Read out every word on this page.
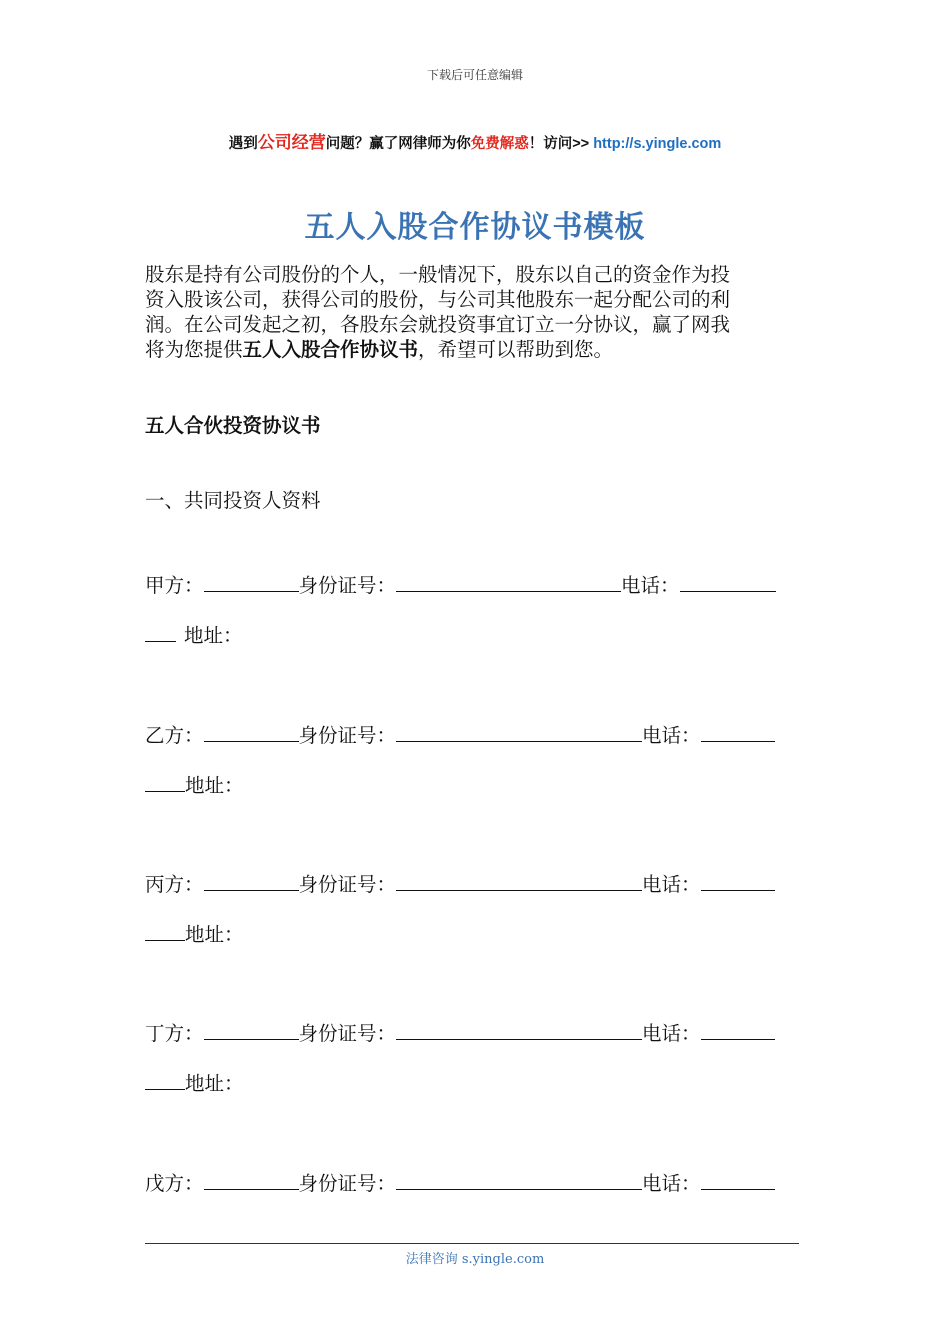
下载后可任意编辑
遇到公司经营问题？赢了网律师为你免费解惑！访问>> http://s.yingle.com
五人入股合作协议书模板
股东是持有公司股份的个人，一般情况下，股东以自己的资金作为投
资入股该公司，获得公司的股份，与公司其他股东一起分配公司的利
润。在公司发起之初，各股东会就投资事宜订立一分协议，赢了网我
将为您提供五人入股合作协议书，希望可以帮助到您。
五人合伙投资协议书
一、共同投资人资料
甲方：	身份证号：	电话：
地址：
乙方：	身份证号：	电话：
地址：
丙方：	身份证号：	电话：
地址：
丁方：	身份证号：	电话：
地址：
戊方：	身份证号：	电话：
法律咨询 s.yingle.com
